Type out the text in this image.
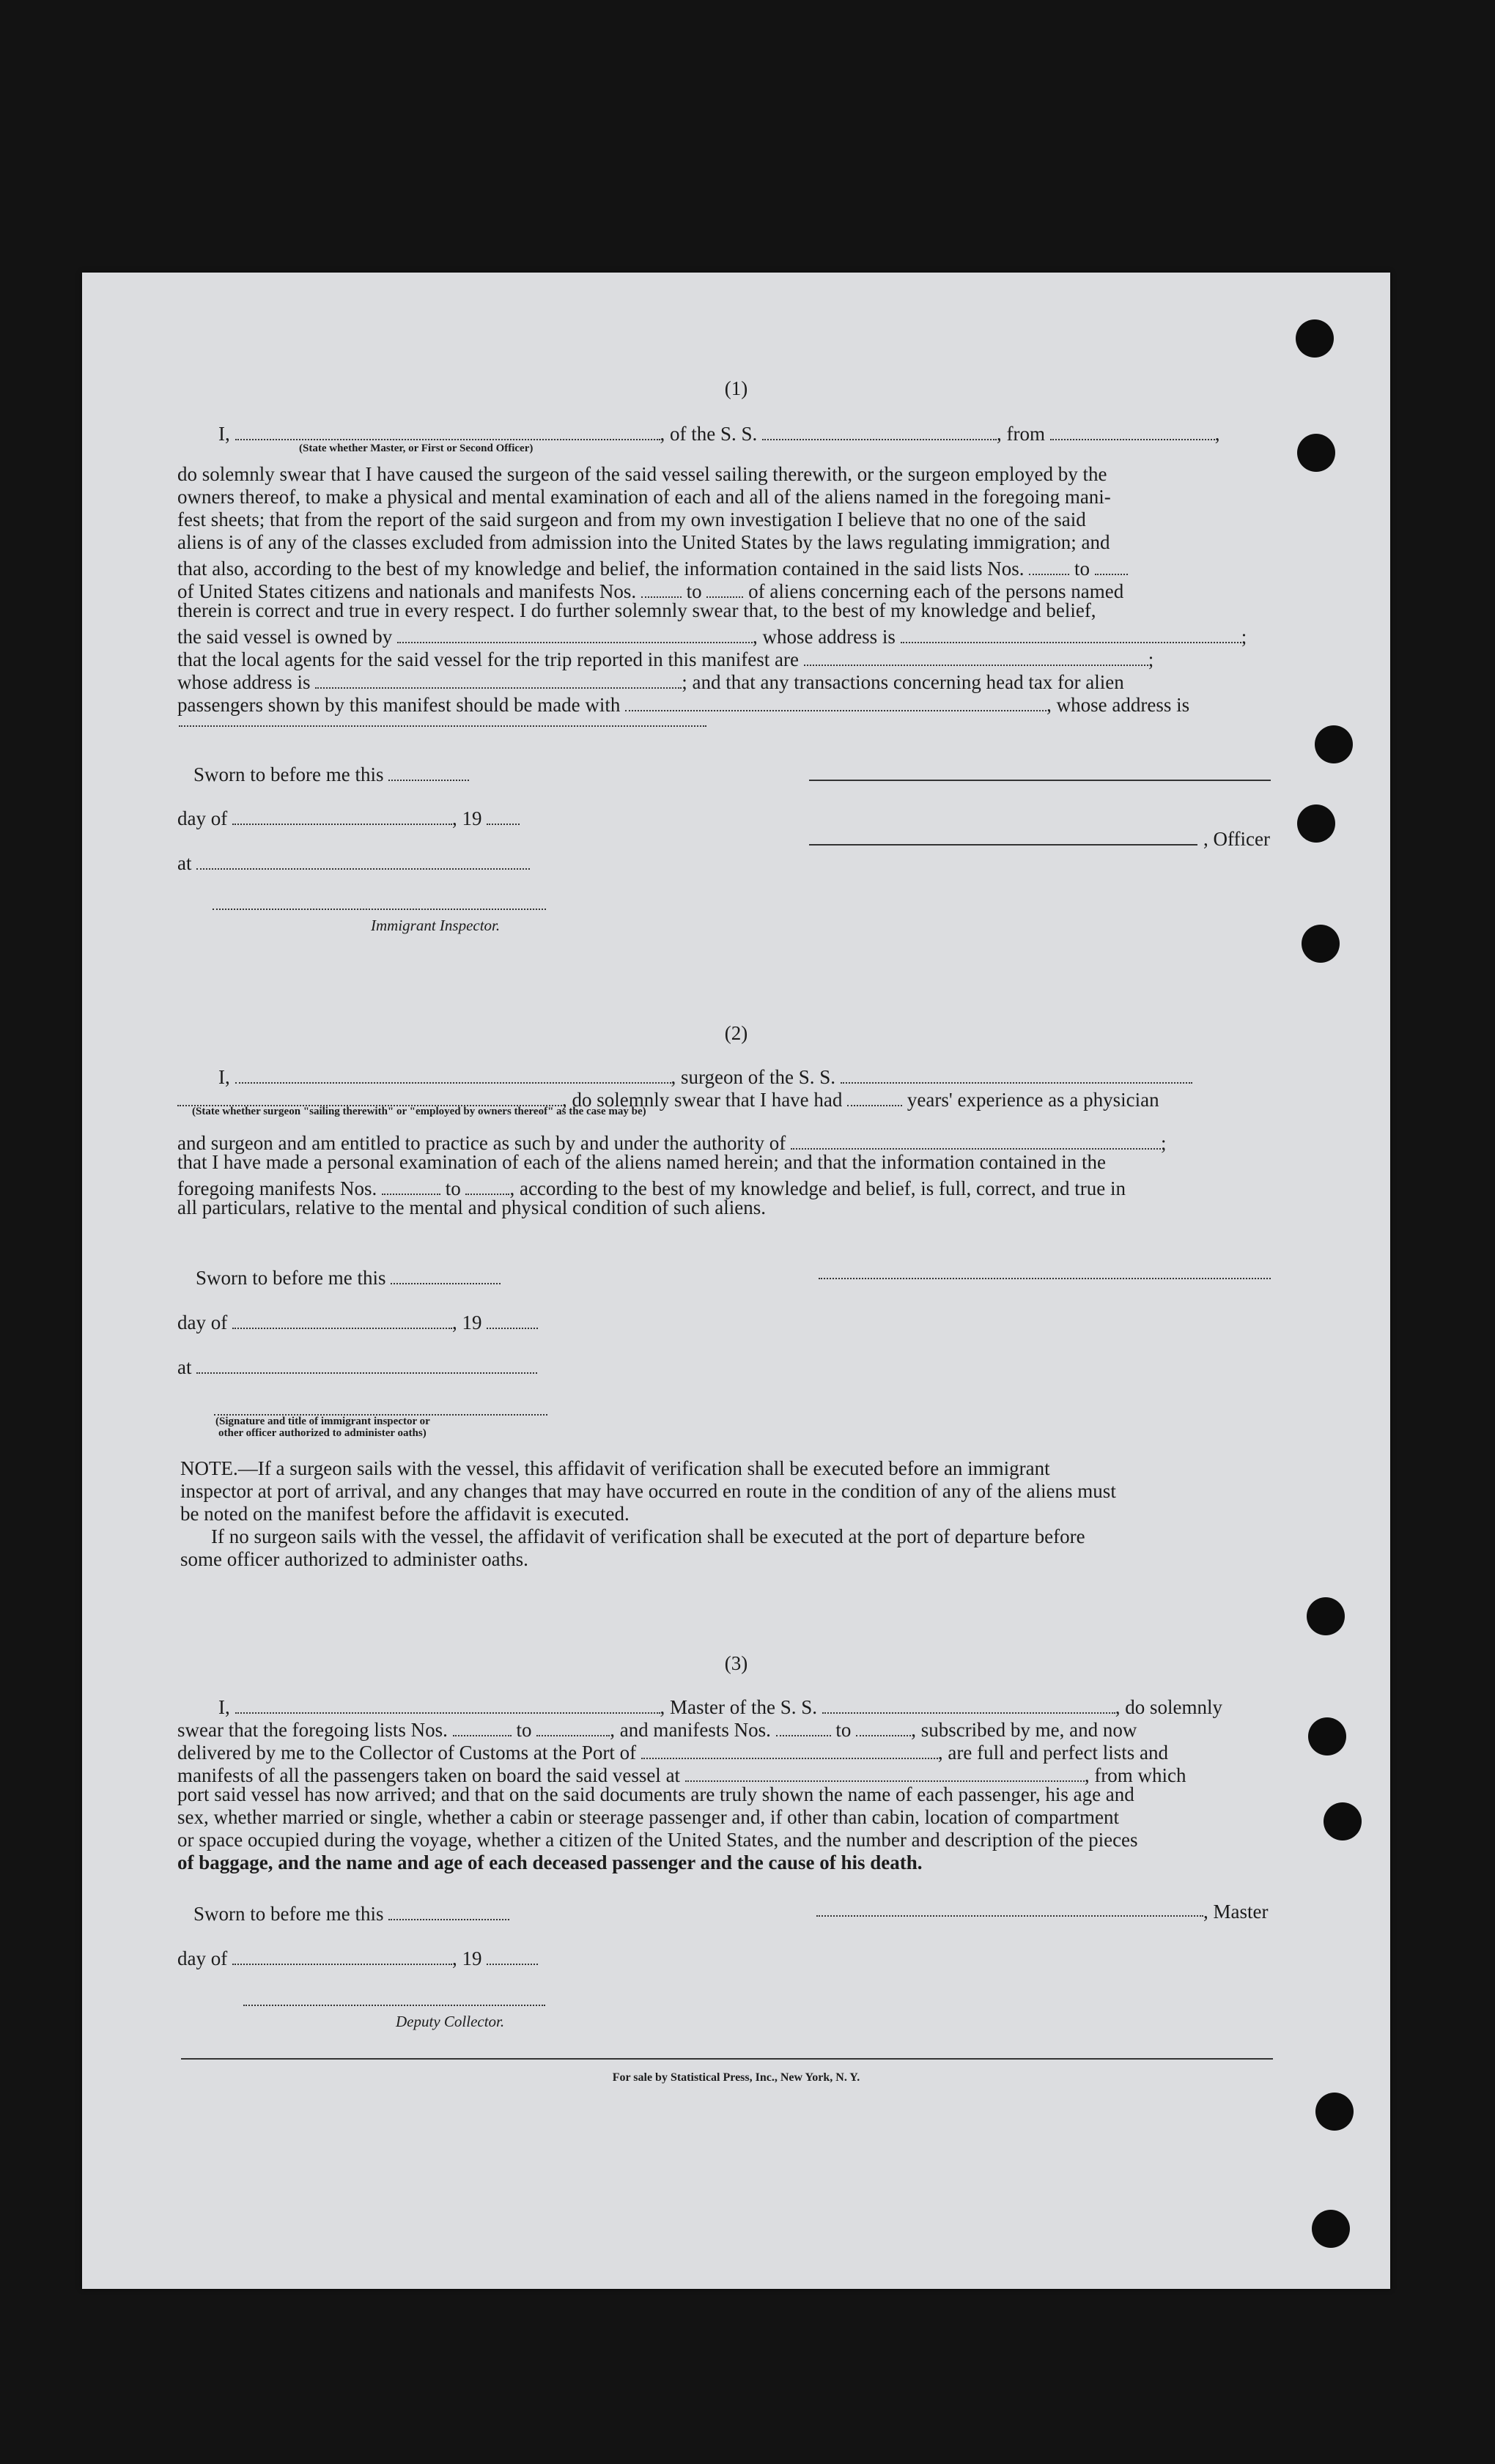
(1)
I,	, of the S. S.	, from	,
(State whether Master, or First or Second Officer)
do solemnly swear that I have caused the surgeon of the said vessel sailing therewith, or the surgeon employed by the
owners thereof, to make a physical and mental examination of each and all of the aliens named in the foregoing mani-
fest sheets; that from the report of the said surgeon and from my own investigation I believe that no one of the said
aliens is of any of the classes excluded from admission into the United States by the laws regulating immigration; and
that also, according to the best of my knowledge and belief, the information contained in the said lists Nos.	to
of United States citizens and nationals and manifests Nos.	to of aliens concerning each of the persons named
therein is correct and true in every respect. I do further solemnly swear that, to the best of my knowledge and belief,
the said vessel is owned by	, whose address is	;
that the local agents for the said vessel for the trip reported in this manifest are	;
whose address is	; and that any transactions concerning head tax for alien
passengers shown by this manifest should be made with	, whose address is
Sworn to before me this
day of	, 19
, Officer
at
Immigrant Inspector.
(2)
I,	, surgeon of the S. S.
, do solemnly swear that I have had	years' experience as a physician
(State whether surgeon "sailing therewith" or "employed by owners thereof" as the case may be)
and surgeon and am entitled to practice as such by and under the authority of	;
that I have made a personal examination of each of the aliens named herein; and that the information contained in the
foregoing manifests Nos.	to , according to the best of my knowledge and belief, is full, correct, and true in
all particulars, relative to the mental and physical condition of such aliens.
Sworn to before me this
day of	, 19
at
(Signature and title of immigrant inspector or
other officer authorized to administer oaths)
NOTE.—If a surgeon sails with the vessel, this affidavit of verification shall be executed before an immigrant
inspector at port of arrival, and any changes that may have occurred en route in the condition of any of the aliens must
be noted on the manifest before the affidavit is executed.
If no surgeon sails with the vessel, the affidavit of verification shall be executed at the port of departure before
some officer authorized to administer oaths.
(3)
I,	, Master of the S. S.	, do solemnly
swear that the foregoing lists Nos.	to	, and manifests Nos.	to	, subscribed by me, and now
delivered by me to the Collector of Customs at the Port of	, are full and perfect lists and
manifests of all the passengers taken on board the said vessel at	, from which
port said vessel has now arrived; and that on the said documents are truly shown the name of each passenger, his age and
sex, whether married or single, whether a cabin or steerage passenger and, if other than cabin, location of compartment
or space occupied during the voyage, whether a citizen of the United States, and the number and description of the pieces
of baggage, and the name and age of each deceased passenger and the cause of his death.
Sworn to before me this	, Master
day of	, 19
Deputy Collector.
For sale by Statistical Press, Inc., New York, N. Y.
